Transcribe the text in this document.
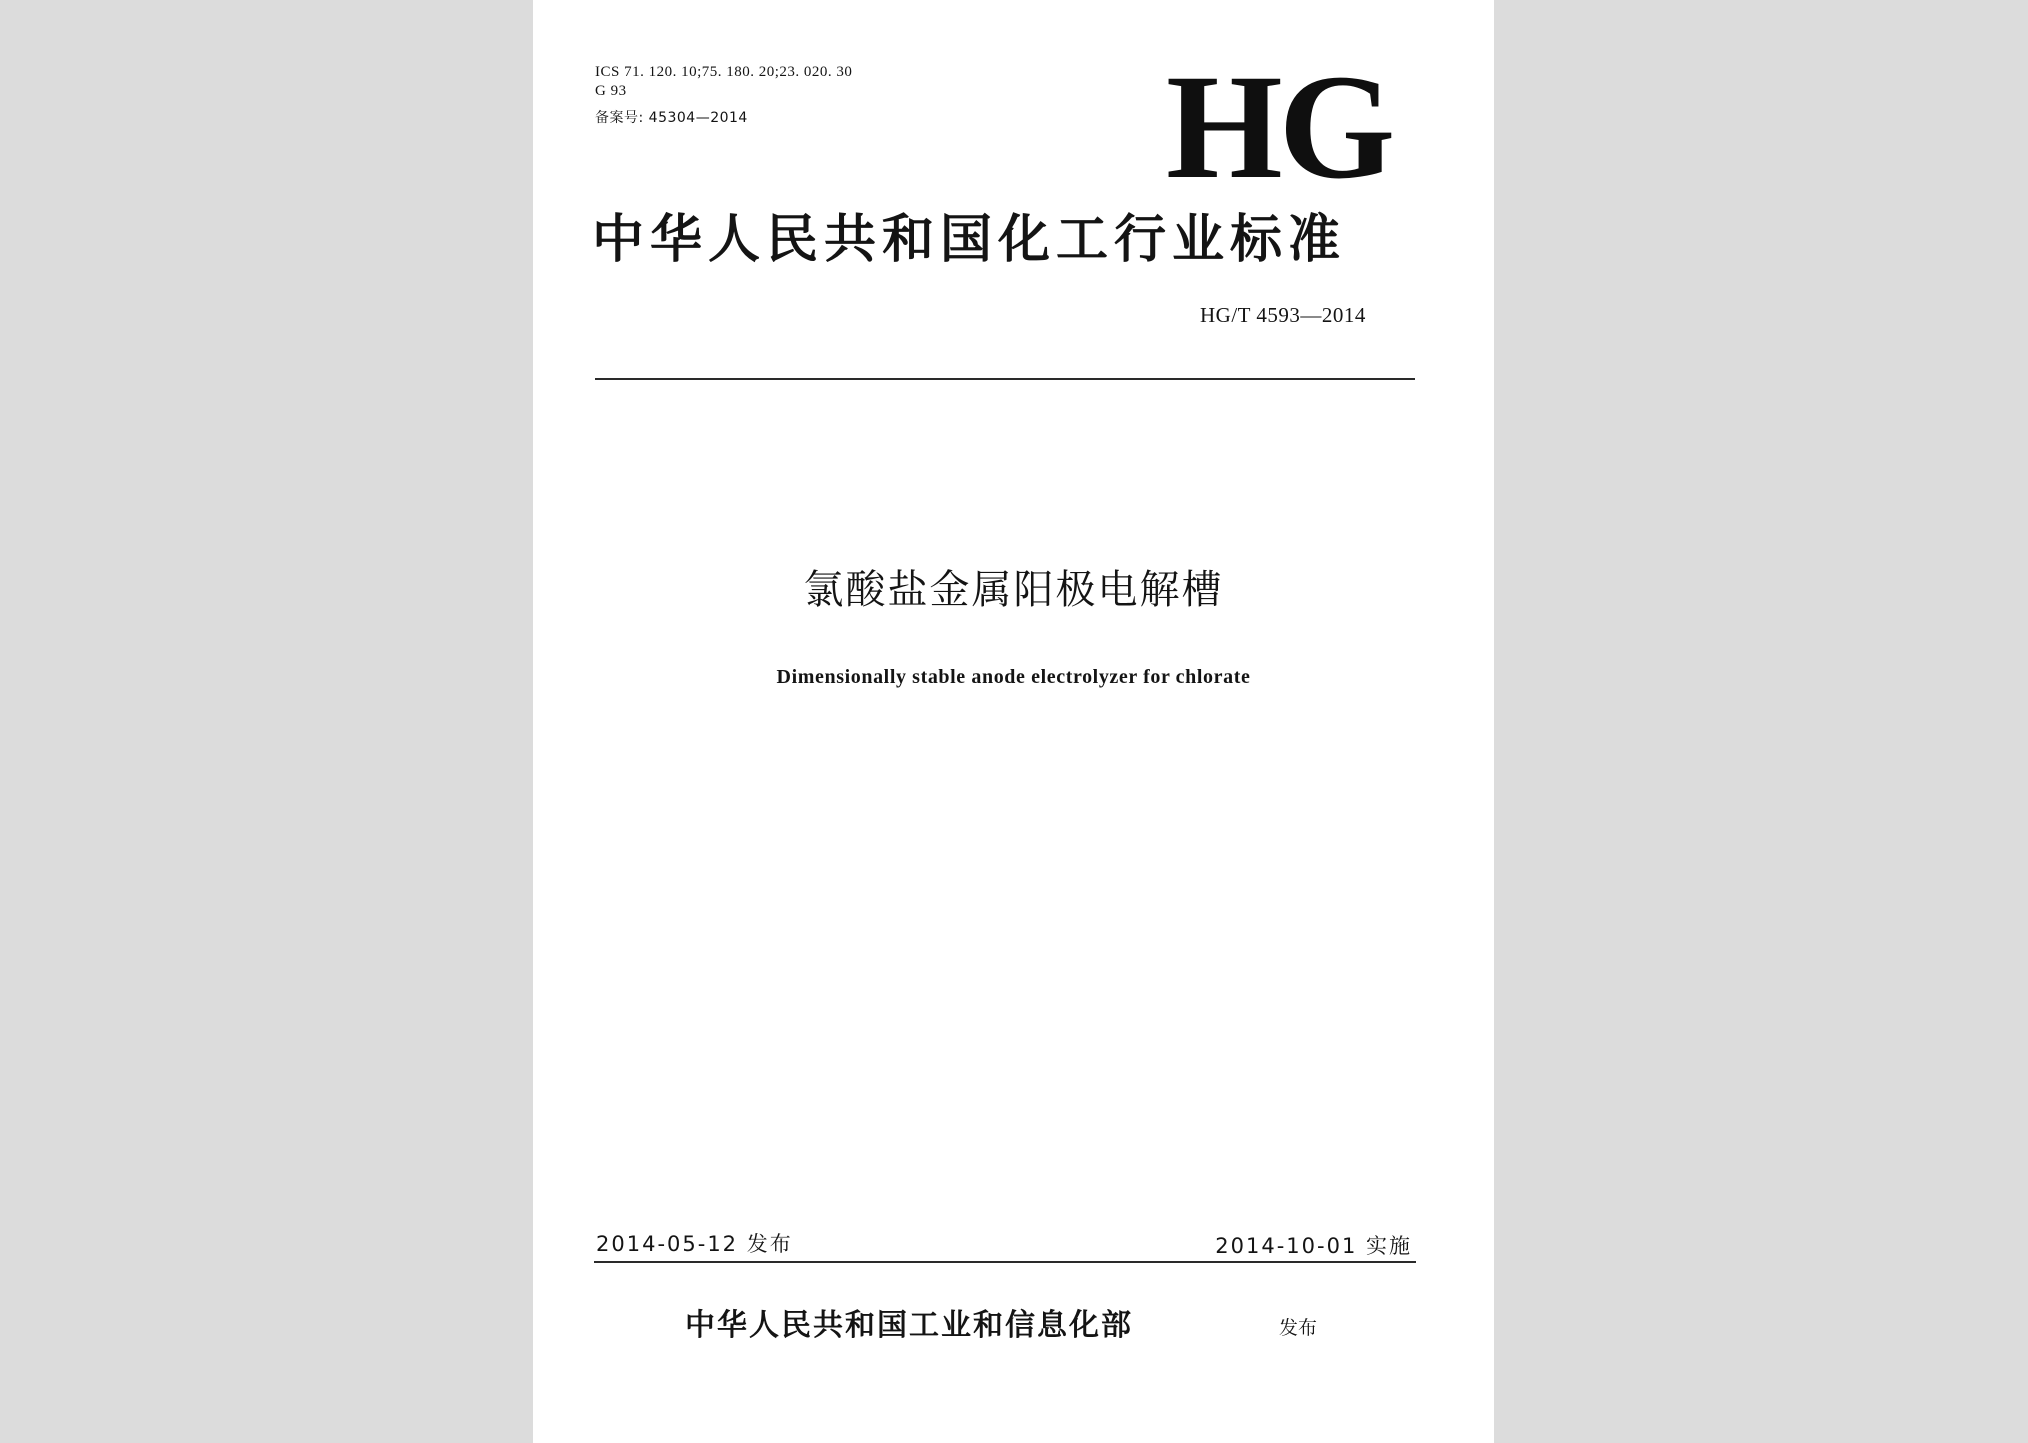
ICS 71. 120. 10;75. 180. 20;23. 020. 30
G 93
备案号: 45304—2014	HG
中华人民共和国化工行业标准
HG/T 4593—2014
氯酸盐金属阳极电解槽
Dimensionally stable anode electrolyzer for chlorate
2014-05-12 发布	2014-10-01 实施
中华人民共和国工业和信息化部	发布
